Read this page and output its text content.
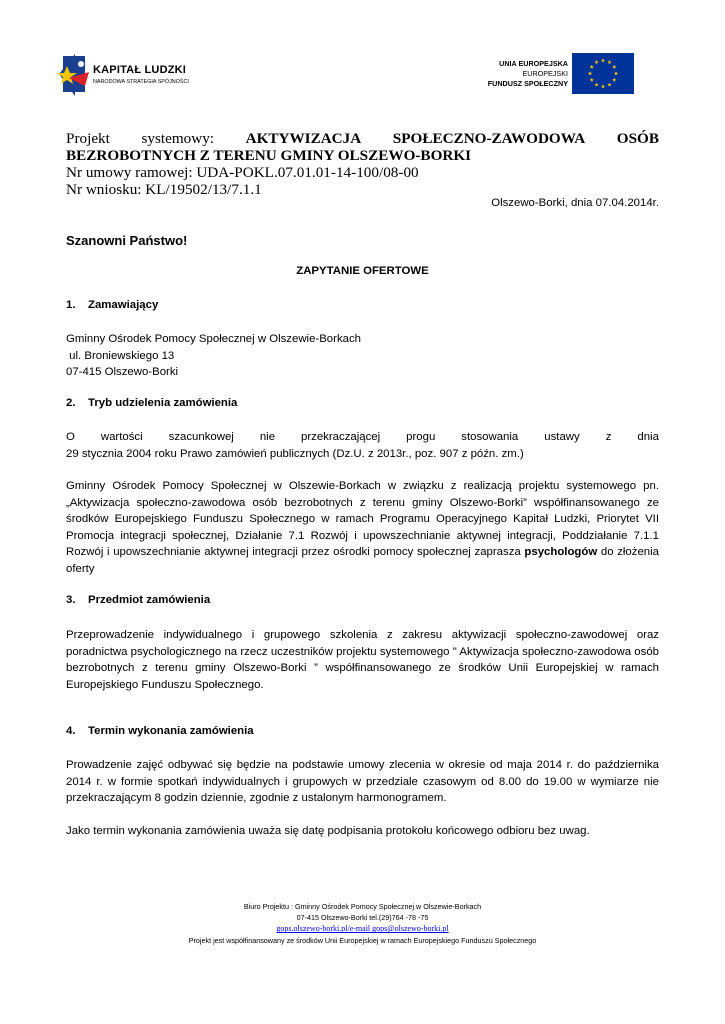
KAPITAŁ LUDZKI
NARODOWA STRATEGIA SPÓJNOŚCI
UNIA EUROPEJSKA
EUROPEJSKI
FUNDUSZ SPOŁECZNY
Projekt systemowy: AKTYWIZACJA SPOŁECZNO-ZAWODOWA OSÓB
BEZROBOTNYCH Z TERENU GMINY OLSZEWO-BORKI
Nr umowy ramowej: UDA-POKL.07.01.01-14-100/08-00
Nr wniosku: KL/19502/13/7.1.1
Olszewo-Borki, dnia 07.04.2014r.
Szanowni Państwo!
ZAPYTANIE OFERTOWE
1. Zamawiający
Gminny Ośrodek Pomocy Społecznej w Olszewie-Borkach
ul. Broniewskiego 13
07-415 Olszewo-Borki
2. Tryb udzielenia zamówienia
O wartości szacunkowej nie przekraczającej progu stosowania ustawy z dnia
29 stycznia 2004 roku Prawo zamówień publicznych (Dz.U. z 2013r., poz. 907 z późn. zm.)
Gminny Ośrodek Pomocy Społecznej w Olszewie-Borkach w związku z realizacją projektu systemowego pn. „Aktywizacja społeczno-zawodowa osób bezrobotnych z terenu gminy Olszewo-Borki” współfinansowanego ze środków Europejskiego Funduszu Społecznego w ramach Programu Operacyjnego Kapitał Ludzki, Priorytet VII Promocja integracji społecznej, Działanie 7.1 Rozwój i upowszechnianie aktywnej integracji, Poddziałanie 7.1.1 Rozwój i upowszechnianie aktywnej integracji przez ośrodki pomocy społecznej zaprasza psychologów do złożenia oferty
3. Przedmiot zamówienia
Przeprowadzenie indywidualnego i grupowego szkolenia z zakresu aktywizacji społeczno-zawodowej oraz poradnictwa psychologicznego na rzecz uczestników projektu systemowego " Aktywizacja społeczno-zawodowa osób bezrobotnych z terenu gminy Olszewo-Borki ” współfinansowanego ze środków Unii Europejskiej w ramach Europejskiego Funduszu Społecznego.
4. Termin wykonania zamówienia
Prowadzenie zajęć odbywać się będzie na podstawie umowy zlecenia w okresie od maja 2014 r. do października 2014 r. w formie spotkań indywidualnych i grupowych w przedziale czasowym od 8.00 do 19.00 w wymiarze nie przekraczającym 8 godzin dziennie, zgodnie z ustalonym harmonogramem.
Jako termin wykonania zamówienia uważa się datę podpisania protokołu końcowego odbioru bez uwag.
Biuro Projektu : Gminny Ośrodek Pomocy Społecznej w Olszewie-Borkach
07-415 Olszewo-Borki tel.(29)764 -78 -75
gops.olszewo-borki.pl/e-mail gops@olszewo-borki.pl
Projekt jest współfinansowany ze środków Unii Europejskiej w ramach Europejskiego Funduszu Społecznego
